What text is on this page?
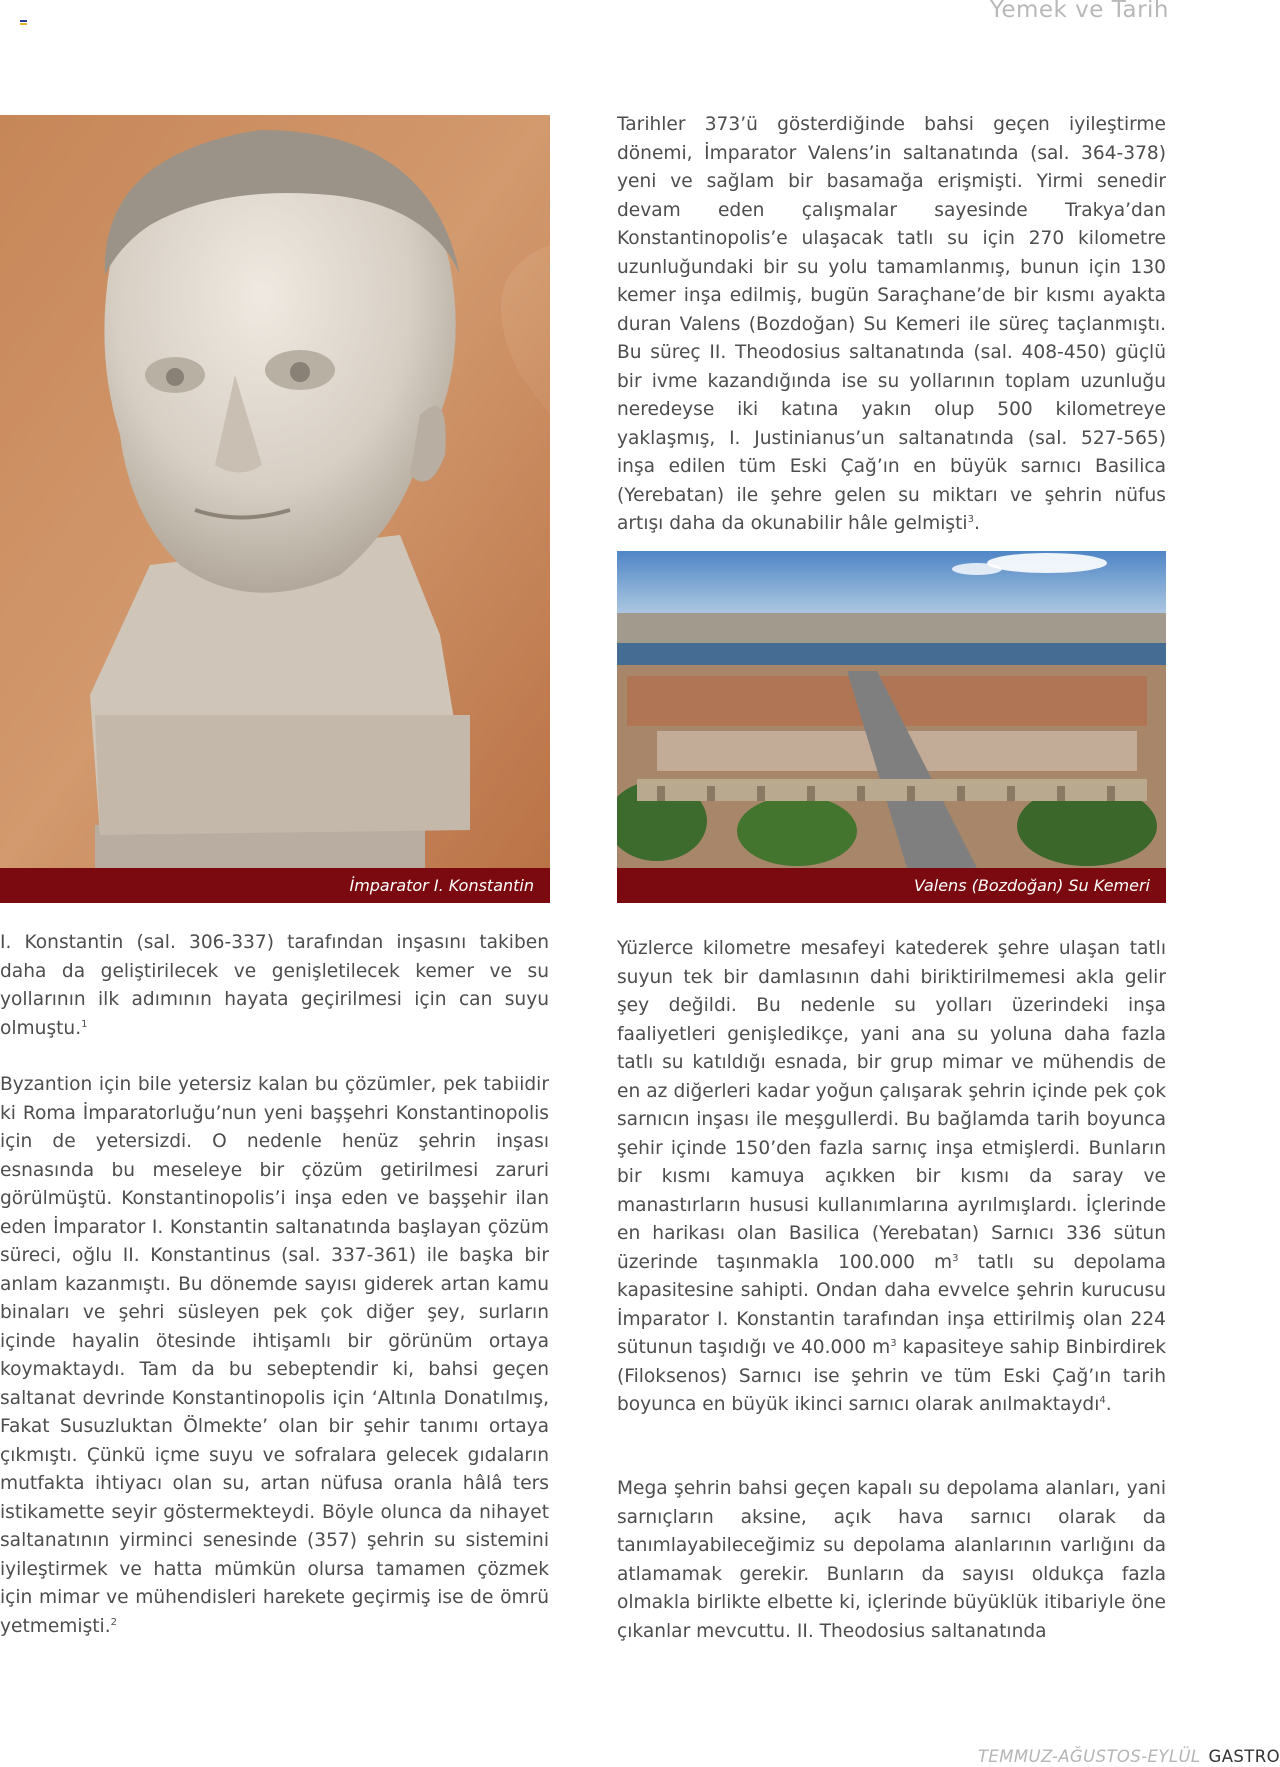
Yemek ve Tarih

Tarihler 373’ü gösterdiğinde bahsi geçen iyileştirme dönemi, İmparator Valens’in saltanatında (sal. 364-378) yeni ve sağlam bir basamağa erişmişti. Yirmi senedir devam eden çalışmalar sayesinde Trakya’dan Konstantinopolis’e ulaşacak tatlı su için 270 kilometre uzunluğundaki bir su yolu tamamlanmış, bunun için 130 kemer inşa edilmiş, bugün Saraçhane’de bir kısmı ayakta duran Valens (Bozdoğan) Su Kemeri ile süreç taçlanmıştı. Bu süreç II. Theodosius saltanatında (sal. 408-450) güçlü bir ivme kazandığında ise su yollarının toplam uzunluğu neredeyse iki katına yakın olup 500 kilometreye yaklaşmış, I. Justinianus’un saltanatında (sal. 527-565) inşa edilen tüm Eski Çağ’ın en büyük sarnıcı Basilica (Yerebatan) ile şehre gelen su miktarı ve şehrin nüfus artışı daha da okunabilir hâle gelmişti$^3$.

İmparator I. Konstantin	Valens (Bozdoğan) Su Kemeri

I. Konstantin (sal. 306-337) tarafından inşasını takiben daha da geliştirilecek ve genişletilecek kemer ve su yollarının ilk adımının hayata geçirilmesi için can suyu olmuştu.$^1$

Byzantion için bile yetersiz kalan bu çözümler, pek tabiidir ki Roma İmparatorluğu’nun yeni başşehri Konstantinopolis için de yetersizdi. O nedenle henüz şehrin inşası esnasında bu meseleye bir çözüm getirilmesi zaruri görülmüştü. Konstantinopolis’i inşa eden ve başşehir ilan eden İmparator I. Konstantin saltanatında başlayan çözüm süreci, oğlu II. Konstantinus (sal. 337-361) ile başka bir anlam kazanmıştı. Bu dönemde sayısı giderek artan kamu binaları ve şehri süsleyen pek çok diğer şey, surların içinde hayalin ötesinde ihtişamlı bir görünüm ortaya koymaktaydı. Tam da bu sebeptendir ki, bahsi geçen saltanat devrinde Konstantinopolis için ‘Altınla Donatılmış, Fakat Susuzluktan Ölmekte’ olan bir şehir tanımı ortaya çıkmıştı. Çünkü içme suyu ve sofralara gelecek gıdaların mutfakta ihtiyacı olan su, artan nüfusa oranla hâlâ ters istikamette seyir göstermekteydi. Böyle olunca da nihayet saltanatının yirminci senesinde (357) şehrin su sistemini iyileştirmek ve hatta mümkün olursa tamamen çözmek için mimar ve mühendisleri harekete geçirmiş ise de ömrü yetmemişti.$^2$

Yüzlerce kilometre mesafeyi katederek şehre ulaşan tatlı suyun tek bir damlasının dahi biriktirilmemesi akla gelir şey değildi. Bu nedenle su yolları üzerindeki inşa faaliyetleri genişledikçe, yani ana su yoluna daha fazla tatlı su katıldığı esnada, bir grup mimar ve mühendis de en az diğerleri kadar yoğun çalışarak şehrin içinde pek çok sarnıcın inşası ile meşgullerdi. Bu bağlamda tarih boyunca şehir içinde 150’den fazla sarnıç inşa etmişlerdi. Bunların bir kısmı kamuya açıkken bir kısmı da saray ve manastırların hususi kullanımlarına ayrılmışlardı. İçlerinde en harikası olan Basilica (Yerebatan) Sarnıcı 336 sütun üzerinde taşınmakla 100.000 $m^3$ tatlı su depolama kapasitesine sahipti. Ondan daha evvelce şehrin kurucusu İmparator I. Konstantin tarafından inşa ettirilmiş olan 224 sütunun taşıdığı ve 40.000 $m^3$ kapasiteye sahip Binbirdirek (Filoksenos) Sarnıcı ise şehrin ve tüm Eski Çağ’ın tarih boyunca en büyük ikinci sarnıcı olarak anılmaktaydı$^4$.

Mega şehrin bahsi geçen kapalı su depolama alanları, yani sarnıçların aksine, açık hava sarnıcı olarak da tanımlayabileceğimiz su depolama alanlarının varlığını da atlamamak gerekir. Bunların da sayısı oldukça fazla olmakla birlikte elbette ki, içlerinde büyüklük itibariyle öne çıkanlar mevcuttu. II. Theodosius saltanatında

TEMMUZ-AĞUSTOS-EYLÜL GASTRO
